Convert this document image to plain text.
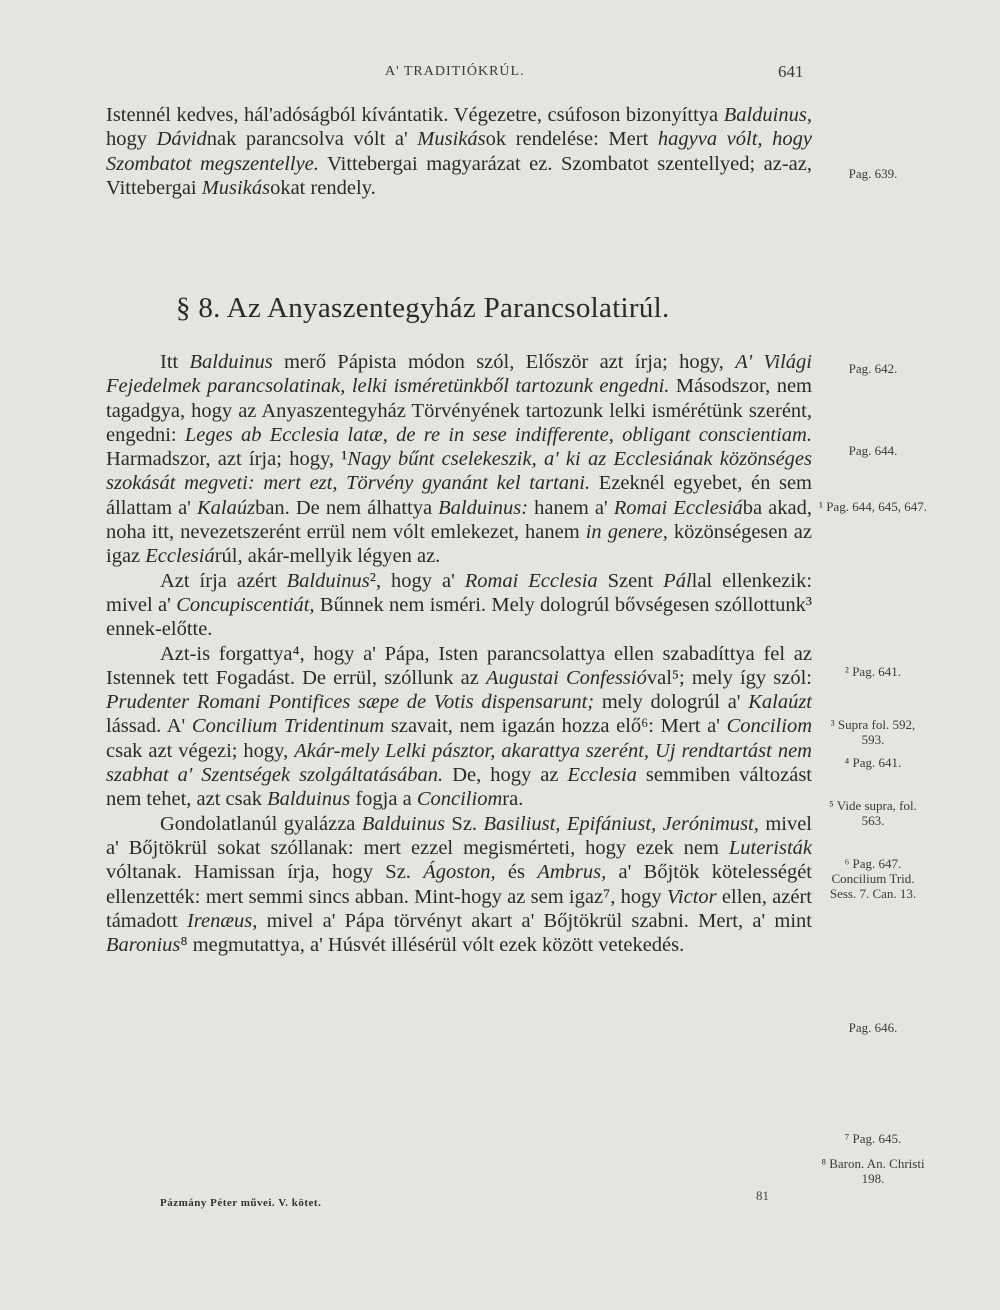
A' TRADITIÓKRÚL.	641

Istennél kedves, hál'adóságból kívántatik. Végezetre, csúfoson bizonyíttya Balduinus, hogy Dávidnak parancsolva vólt a' Musikások rendelése: Mert hagyva vólt, hogy Szombatot megszentellye. Vittebergai magyarázat ez. Szombatot szentellyed; az-az, Vittebergai Musikásokat rendely.

§ 8. Az Anyaszentegyház Parancsolatirúl.

Itt Balduinus merő Pápista módon szól, Először azt írja; hogy, A' Világi Fejedelmek parancsolatinak, lelki isméretünkből tartozunk engedni. Másodszor, nem tagadgya, hogy az Anyaszentegyház Törvényének tartozunk lelki ismérétünk szerént, engedni: Leges ab Ecclesia latæ, de re in sese indifferente, obligant conscientiam. Harmadszor, azt írja; hogy, ¹Nagy bűnt cselekeszik, a' ki az Ecclesiának közönséges szokását megveti: mert ezt, Törvény gyanánt kel tartani. Ezeknél egyebet, én sem állattam a' Kalaúzban. De nem álhattya Balduinus: hanem a' Romai Ecclesiába akad, noha itt, nevezetszerént errül nem vólt emlekezet, hanem in genere, közönségesen az igaz Ecclesiárúl, akár-mellyik légyen az.

Azt írja azért Balduinus², hogy a' Romai Ecclesia Szent Pállal ellenkezik: mivel a' Concupiscentiát, Bűnnek nem isméri. Mely dologrúl bővségesen szóllottunk³ ennek-előtte.

Azt-is forgattya⁴, hogy a' Pápa, Isten parancsolattya ellen szabadíttya fel az Istennek tett Fogadást. De errül, szóllunk az Augustai Confessióval⁵; mely így szól: Prudenter Romani Pontifices sæpe de Votis dispensarunt; mely dologrúl a' Kalaúzt lássad. A' Concilium Tridentinum szavait, nem igazán hozza elő⁶: Mert a' Conciliom csak azt végezi; hogy, Akár-mely Lelki pásztor, akarattya szerént, Uj rendtartást nem szabhat a' Szentségek szolgáltatásában. De, hogy az Ecclesia semmiben változást nem tehet, azt csak Balduinus fogja a Conciliomra.

Gondolatlanúl gyalázza Balduinus Sz. Basiliust, Epifániust, Jerónimust, mivel a' Bőjtökrül sokat szóllanak: mert ezzel megismérteti, hogy ezek nem Luteristák vóltanak. Hamissan írja, hogy Sz. Ágoston, és Ambrus, a' Bőjtök kötelességét ellenzették: mert semmi sincs abban. Mint-hogy az sem igaz⁷, hogy Victor ellen, azért támadott Irenæus, mivel a' Pápa törvényt akart a' Bőjtökrül szabni. Mert, a' mint Baronius⁸ megmutattya, a' Húsvét illésérül vólt ezek között vetekedés.

Pag. 639.
Pag. 642.
Pag. 644.
¹ Pag. 644, 645, 647.
² Pag. 641.
³ Supra fol. 592, 593.
⁴ Pag. 641.
⁵ Vide supra, fol. 563.
⁶ Pag. 647. Concilium Trid. Sess. 7. Can. 13.
Pag. 646.
⁷ Pag. 645.
⁸ Baron. An. Christi 198.
Pázmány Péter művei. V. kötet.	81
